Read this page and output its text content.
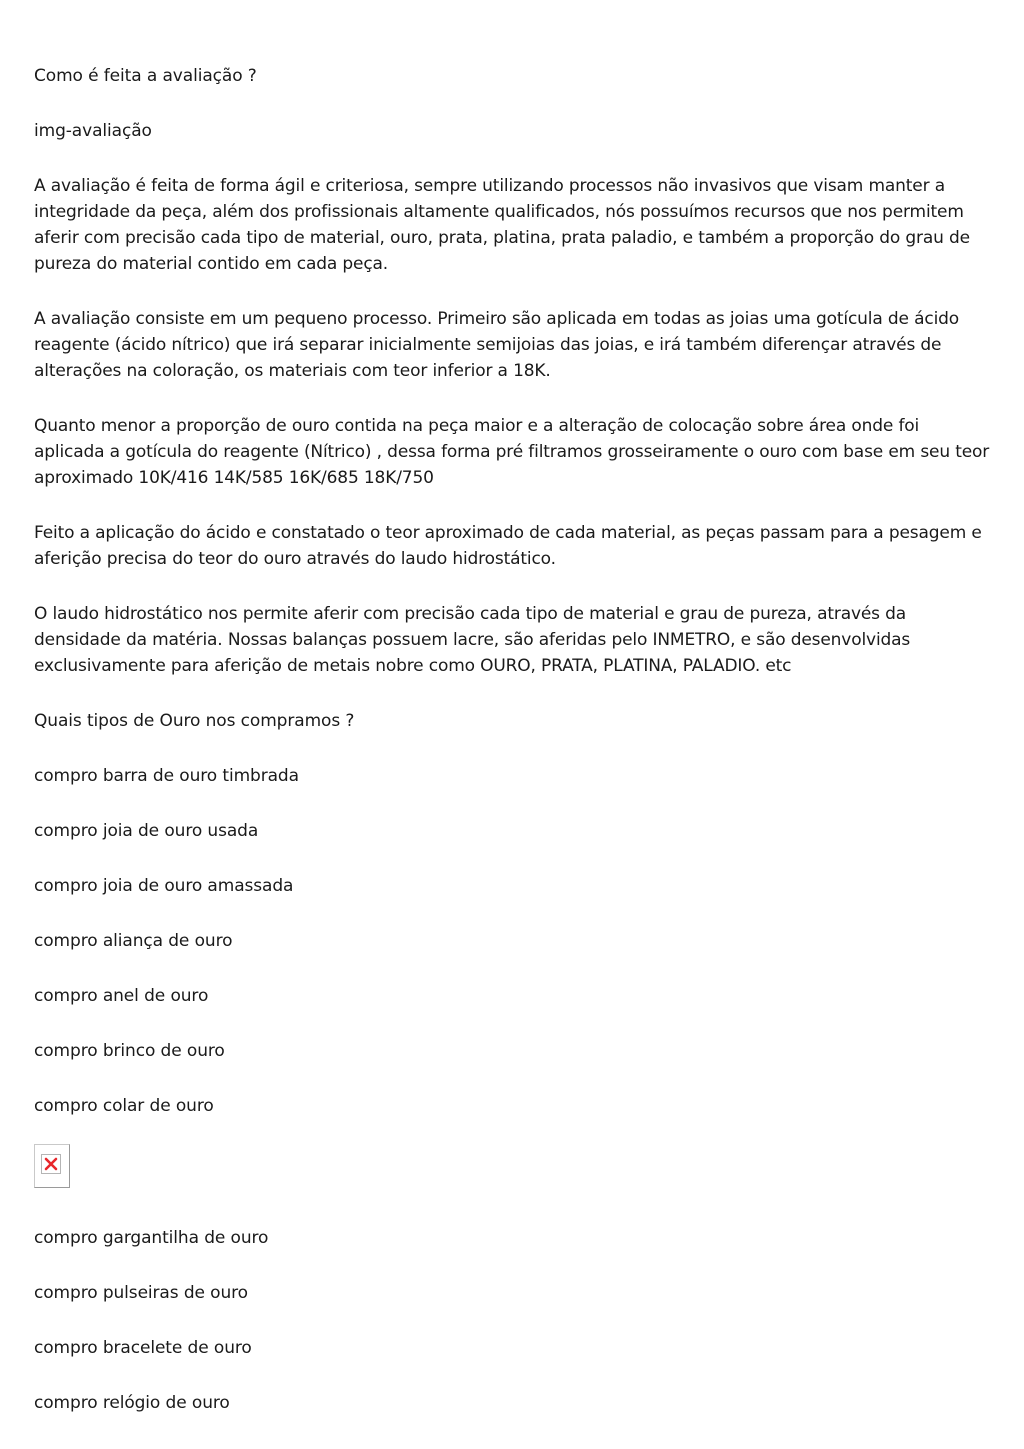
Como é feita a avaliação ?

img-avaliação

A avaliação é feita de forma ágil e criteriosa, sempre utilizando processos não invasivos que visam manter a integridade da peça, além dos profissionais altamente qualificados, nós possuímos recursos que nos permitem aferir com precisão cada tipo de material, ouro, prata, platina, prata paladio, e também a proporção do grau de pureza do material contido em cada peça.

A avaliação consiste em um pequeno processo. Primeiro são aplicada em todas as joias uma gotícula de ácido reagente (ácido nítrico) que irá separar inicialmente semijoias das joias, e irá também diferençar através de alterações na coloração, os materiais com teor inferior a 18K.

Quanto menor a proporção de ouro contida na peça maior e a alteração de colocação sobre área onde foi aplicada a gotícula do reagente (Nítrico) , dessa forma pré filtramos grosseiramente o ouro com base em seu teor aproximado 10K/416 14K/585 16K/685 18K/750

Feito a aplicação do ácido e constatado o teor aproximado de cada material, as peças passam para a pesagem e aferição precisa do teor do ouro através do laudo hidrostático.

O laudo hidrostático nos permite aferir com precisão cada tipo de material e grau de pureza, através da densidade da matéria. Nossas balanças possuem lacre, são aferidas pelo INMETRO, e são desenvolvidas exclusivamente para aferição de metais nobre como OURO, PRATA, PLATINA, PALADIO. etc

Quais tipos de Ouro nos compramos ?

compro barra de ouro timbrada

compro joia de ouro usada

compro joia de ouro amassada

compro aliança de ouro

compro anel de ouro

compro brinco de ouro

compro colar de ouro

compro gargantilha de ouro

compro pulseiras de ouro

compro bracelete de ouro

compro relógio de ouro
